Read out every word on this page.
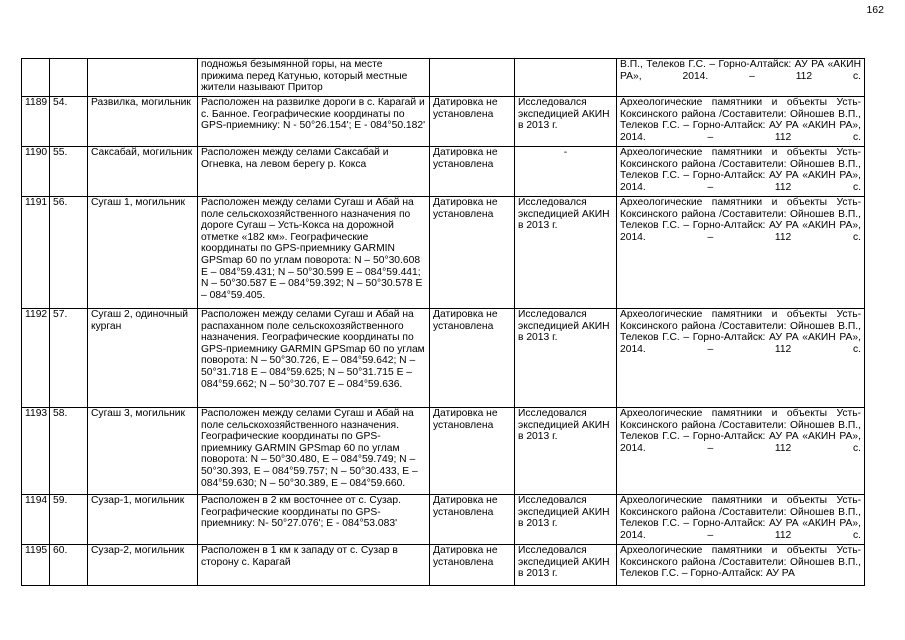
162
			подножья безымянной горы, на месте прижима перед Катунью, который местные жители называют Притор			В.П., Телеков Г.С. – Горно-Алтайск: АУ РА «АКИН РА», 2014. – 112 с.
1189	54.	Развилка, могильник	Расположен на развилке дороги в с. Карагай и с. Банное. Географические координаты по GPS-приемнику: N - 50°26.154'; E - 084°50.182'	Датировка не установлена	Исследовался экспедицией АКИН в 2013 г.	Археологические памятники и объекты Усть-Коксинского района /Составители: Ойношев В.П., Телеков Г.С. – Горно-Алтайск: АУ РА «АКИН РА», 2014. – 112 с.
1190	55.	Саксабай, могильник	Расположен между селами Саксабай и Огневка, на левом берегу р. Кокса	Датировка не установлена	-	Археологические памятники и объекты Усть-Коксинского района /Составители: Ойношев В.П., Телеков Г.С. – Горно-Алтайск: АУ РА «АКИН РА», 2014. – 112 с.
1191	56.	Сугаш 1, могильник	Расположен между селами Сугаш и Абай на поле сельскохозяйственного назначения по дороге Сугаш – Усть-Кокса на дорожной отметке «182 км». Географические координаты по GPS-приемнику GARMIN GPSmap 60 по углам поворота: N – 50°30.608 E – 084°59.431; N – 50°30.599 E – 084°59.441; N – 50°30.587 E – 084°59.392; N – 50°30.578 E – 084°59.405.	Датировка не установлена	Исследовался экспедицией АКИН в 2013 г.	Археологические памятники и объекты Усть-Коксинского района /Составители: Ойношев В.П., Телеков Г.С. – Горно-Алтайск: АУ РА «АКИН РА», 2014. – 112 с.
1192	57.	Сугаш 2, одиночный курган	Расположен между селами Сугаш и Абай на распаханном поле сельскохозяйственного назначения. Географические координаты по GPS-приемнику GARMIN GPSmap 60 по углам поворота: N – 50°30.726, E – 084°59.642; N – 50°31.718 E – 084°59.625; N – 50°31.715 E – 084°59.662; N – 50°30.707 E – 084°59.636.	Датировка не установлена	Исследовался экспедицией АКИН в 2013 г.	Археологические памятники и объекты Усть-Коксинского района /Составители: Ойношев В.П., Телеков Г.С. – Горно-Алтайск: АУ РА «АКИН РА», 2014. – 112 с.
1193	58.	Сугаш 3, могильник	Расположен между селами Сугаш и Абай на поле сельскохозяйственного назначения. Географические координаты по GPS-приемнику GARMIN GPSmap 60 по углам поворота: N – 50°30.480, E – 084°59.749; N – 50°30.393, E – 084°59.757; N – 50°30.433, E – 084°59.630; N – 50°30.389, E – 084°59.660.	Датировка не установлена	Исследовался экспедицией АКИН в 2013 г.	Археологические памятники и объекты Усть-Коксинского района /Составители: Ойношев В.П., Телеков Г.С. – Горно-Алтайск: АУ РА «АКИН РА», 2014. – 112 с.
1194	59.	Сузар-1, могильник	Расположен в 2 км восточнее от с. Сузар. Географические координаты по GPS-приемнику: N- 50°27.076'; E - 084°53.083'	Датировка не установлена	Исследовался экспедицией АКИН в 2013 г.	Археологические памятники и объекты Усть-Коксинского района /Составители: Ойношев В.П., Телеков Г.С. – Горно-Алтайск: АУ РА «АКИН РА», 2014. – 112 с.
1195	60.	Сузар-2, могильник	Расположен в 1 км к западу от с. Сузар в сторону с. Карагай	Датировка не установлена	Исследовался экспедицией АКИН в 2013 г.	Археологические памятники и объекты Усть-Коксинского района /Составители: Ойношев В.П., Телеков Г.С. – Горно-Алтайск: АУ РА
